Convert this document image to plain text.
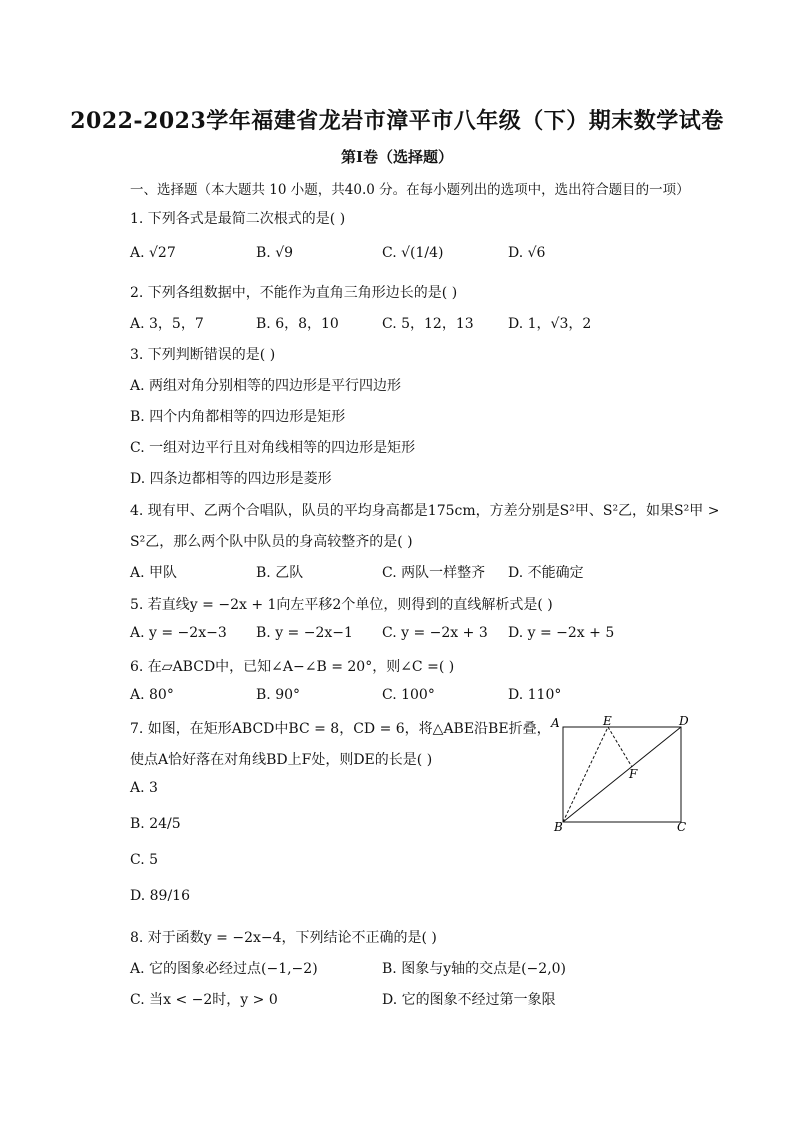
2022-2023学年福建省龙岩市漳平市八年级（下）期末数学试卷
第I卷（选择题）
一、选择题（本大题共 10 小题，共40.0 分。在每小题列出的选项中，选出符合题目的一项）
1. 下列各式是最简二次根式的是( )
A. √27	B. √9	C. √(1/4)	D. √6
2. 下列各组数据中，不能作为直角三角形边长的是( )
A. 3，5，7	B. 6，8，10	C. 5，12，13 D. 1，√3，2
3. 下列判断错误的是( )
A. 两组对角分别相等的四边形是平行四边形
B. 四个内角都相等的四边形是矩形
C. 一组对边平行且对角线相等的四边形是矩形
D. 四条边都相等的四边形是菱形
4. 现有甲、乙两个合唱队，队员的平均身高都是175cm，方差分别是S²甲、S²乙，如果S²甲 >
S²乙，那么两个队中队员的身高较整齐的是( )
A. 甲队	B. 乙队	C. 两队一样整齐 D. 不能确定
5. 若直线y = −2x + 1向左平移2个单位，则得到的直线解析式是( )
A. y = −2x−3 B. y = −2x−1 C. y = −2x + 3 D. y = −2x + 5
6. 在▱ABCD中，已知∠A−∠B = 20°，则∠C =( )
A. 80°	B. 90°	C. 100°	D. 110°
7. 如图，在矩形ABCD中BC = 8，CD = 6，将△ABE沿BE折叠，
使点A恰好落在对角线BD上F处，则DE的长是( )
A. 3
B. 24/5
C. 5
D. 89/16
A	E	D
F
B	C
8. 对于函数y = −2x−4，下列结论不正确的是( )
A. 它的图象必经过点(−1,−2)	B. 图象与y轴的交点是(−2,0)
C. 当x < −2时，y > 0	D. 它的图象不经过第一象限
